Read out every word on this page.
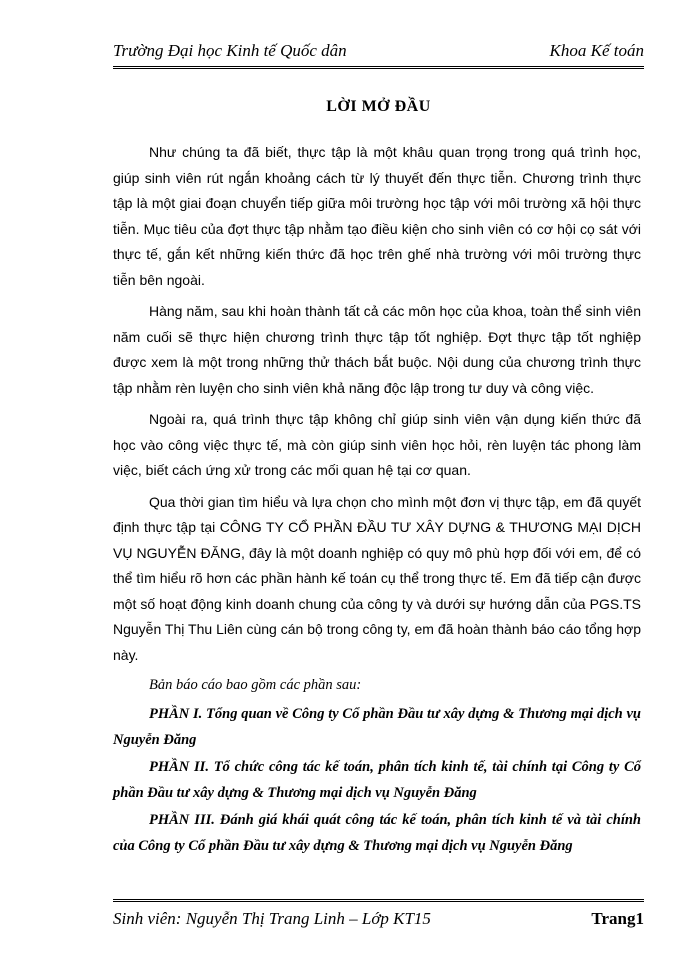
Trường Đại học Kinh tế Quốc dân	Khoa Kế toán
LỜI MỞ ĐẦU

Như chúng ta đã biết, thực tập là một khâu quan trọng trong quá trình học, giúp sinh viên rút ngắn khoảng cách từ lý thuyết đến thực tiễn. Chương trình thực tập là một giai đoạn chuyển tiếp giữa môi trường học tập với môi trường xã hội thực tiễn. Mục tiêu của đợt thực tập nhằm tạo điều kiện cho sinh viên có cơ hội cọ sát với thực tế, gắn kết những kiến thức đã học trên ghế nhà trường với môi trường thực tiễn bên ngoài.

Hàng năm, sau khi hoàn thành tất cả các môn học của khoa, toàn thể sinh viên năm cuối sẽ thực hiện chương trình thực tập tốt nghiệp. Đợt thực tập tốt nghiệp được xem là một trong những thử thách bắt buộc. Nội dung của chương trình thực tập nhằm rèn luyện cho sinh viên khả năng độc lập trong tư duy và công việc.

Ngoài ra, quá trình thực tập không chỉ giúp sinh viên vận dụng kiến thức đã học vào công việc thực tế, mà còn giúp sinh viên học hỏi, rèn luyện tác phong làm việc, biết cách ứng xử trong các mối quan hệ tại cơ quan.

Qua thời gian tìm hiểu và lựa chọn cho mình một đơn vị thực tập, em đã quyết định thực tập tại CÔNG TY CỔ PHẦN ĐẦU TƯ XÂY DỰNG & THƯƠNG MẠI DỊCH VỤ NGUYỄN ĐĂNG, đây là một doanh nghiệp có quy mô phù hợp đối với em, để có thể tìm hiểu rõ hơn các phần hành kế toán cụ thể trong thực tế. Em đã tiếp cận được một số hoạt động kinh doanh chung của công ty và dưới sự hướng dẫn của PGS.TS Nguyễn Thị Thu Liên cùng cán bộ trong công ty, em đã hoàn thành báo cáo tổng hợp này.

Bản báo cáo bao gồm các phần sau:

PHẦN I. Tổng quan về Công ty Cổ phần Đầu tư xây dựng & Thương mại dịch vụ Nguyễn Đăng

PHẦN II. Tổ chức công tác kế toán, phân tích kinh tế, tài chính tại Công ty Cổ phần Đầu tư xây dựng & Thương mại dịch vụ Nguyễn Đăng

PHẦN III. Đánh giá khái quát công tác kế toán, phân tích kinh tế và tài chính của Công ty Cổ phần Đầu tư xây dựng & Thương mại dịch vụ Nguyễn Đăng

Sinh viên: Nguyễn Thị Trang Linh – Lớp KT15	Trang1
